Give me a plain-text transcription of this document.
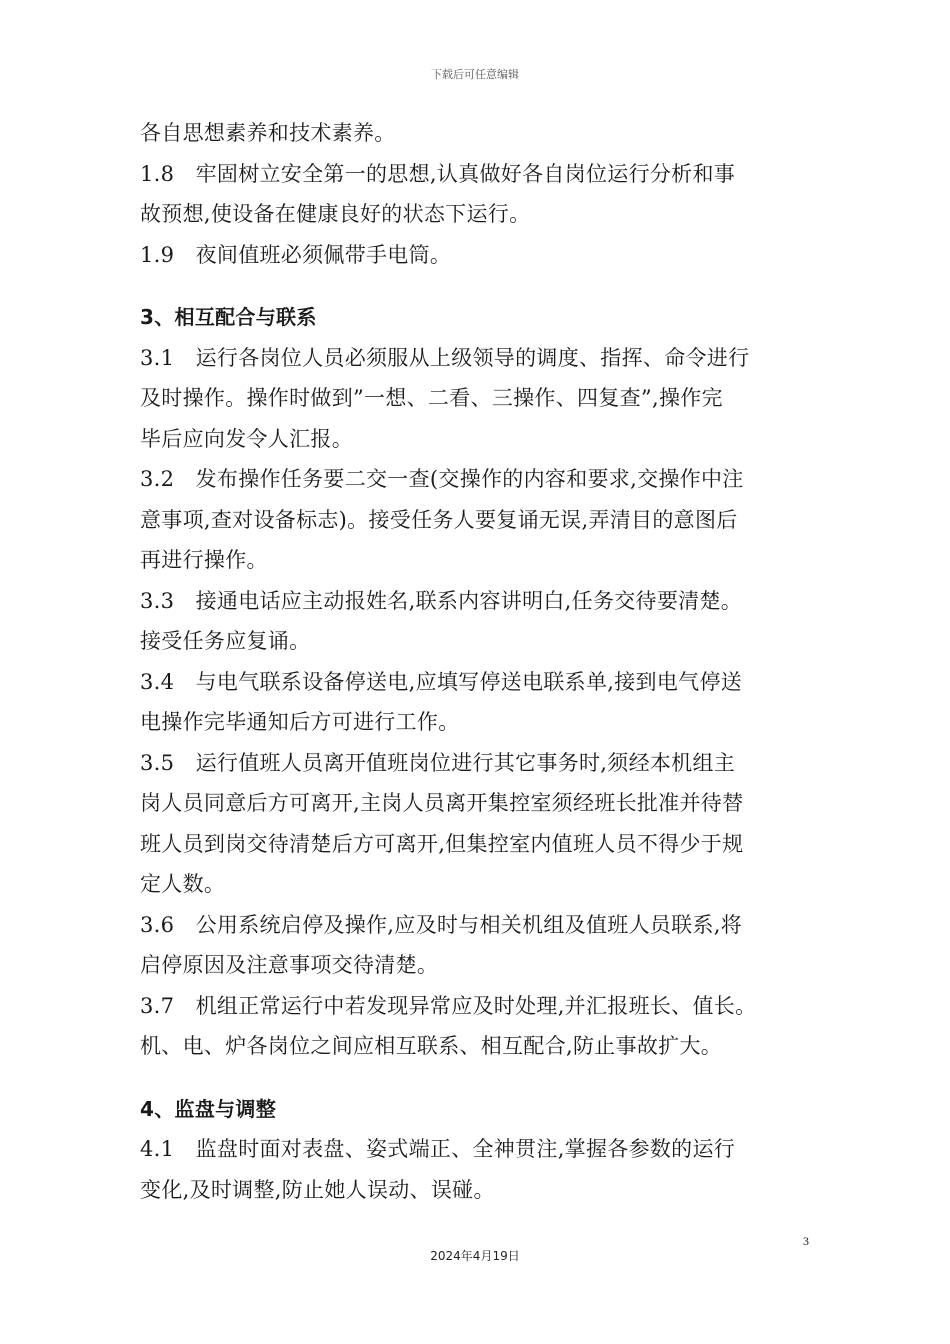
下载后可任意编辑
各自思想素养和技术素养。
1.8　牢固树立安全第一的思想,认真做好各自岗位运行分析和事
故预想,使设备在健康良好的状态下运行。
1.9　夜间值班必须佩带手电筒。
3、相互配合与联系
3.1　运行各岗位人员必须服从上级领导的调度、指挥、命令进行
及时操作。操作时做到”一想、二看、三操作、四复查”,操作完
毕后应向发令人汇报。
3.2　发布操作任务要二交一查(交操作的内容和要求,交操作中注
意事项,查对设备标志)。接受任务人要复诵无误,弄清目的意图后
再进行操作。
3.3　接通电话应主动报姓名,联系内容讲明白,任务交待要清楚。
接受任务应复诵。
3.4　与电气联系设备停送电,应填写停送电联系单,接到电气停送
电操作完毕通知后方可进行工作。
3.5　运行值班人员离开值班岗位进行其它事务时,须经本机组主
岗人员同意后方可离开,主岗人员离开集控室须经班长批准并待替
班人员到岗交待清楚后方可离开,但集控室内值班人员不得少于规
定人数。
3.6　公用系统启停及操作,应及时与相关机组及值班人员联系,将
启停原因及注意事项交待清楚。
3.7　机组正常运行中若发现异常应及时处理,并汇报班长、值长。
机、电、炉各岗位之间应相互联系、相互配合,防止事故扩大。
4、监盘与调整
4.1　监盘时面对表盘、姿式端正、全神贯注,掌握各参数的运行
变化,及时调整,防止她人误动、误碰。
3
2024年4月19日
